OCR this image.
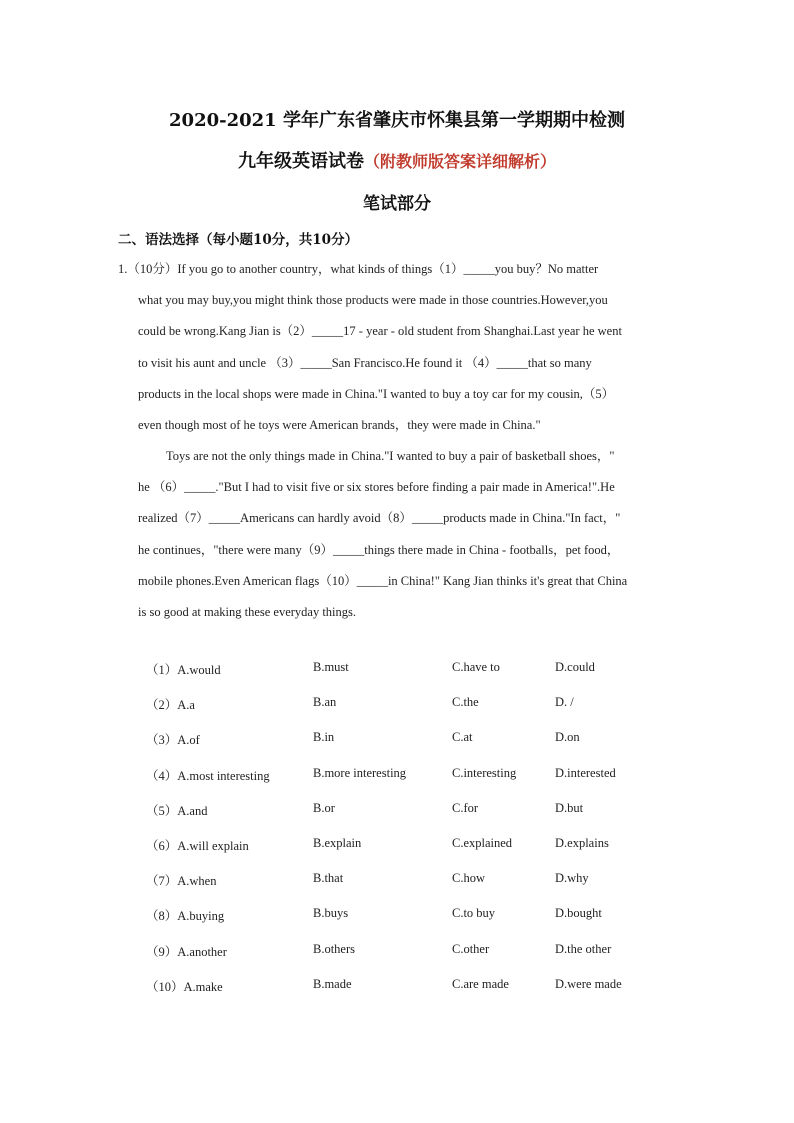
2020-2021 学年广东省肇庆市怀集县第一学期期中检测
九年级英语试卷（附教师版答案详细解析）
笔试部分
二、语法选择（每小题10分，共10分）
1.（10分）If you go to another country，what kinds of things（1）_____you buy？No matter
what you may buy,you might think those products were made in those countries.However,you
could be wrong.Kang Jian is（2）_____17 - year - old student from Shanghai.Last year he went
to visit his aunt and uncle （3）_____San Francisco.He found it （4）_____that so many
products in the local shops were made in China."I wanted to buy a toy car for my cousin,（5）
even though most of he toys were American brands，they were made in China."
Toys are not the only things made in China."I wanted to buy a pair of basketball shoes，"
he （6）_____."But I had to visit five or six stores before finding a pair made in America!".He
realized（7）_____Americans can hardly avoid（8）_____products made in China."In fact，"
he continues，"there were many（9）_____things there made in China - footballs，pet food，
mobile phones.Even American flags（10）_____in China!" Kang Jian thinks it's great that China
is so good at making these everyday things.
（1）A.would	B.must	C.have to	D.could
（2）A.a	B.an	C.the	D. /
（3）A.of	B.in	C.at	D.on
（4）A.most interesting	B.more interesting	C.interesting	D.interested
（5）A.and	B.or	C.for	D.but
（6）A.will explain	B.explain	C.explained	D.explains
（7）A.when	B.that	C.how	D.why
（8）A.buying	B.buys	C.to buy	D.bought
（9）A.another	B.others	C.other	D.the other
（10）A.make	B.made	C.are made	D.were made
